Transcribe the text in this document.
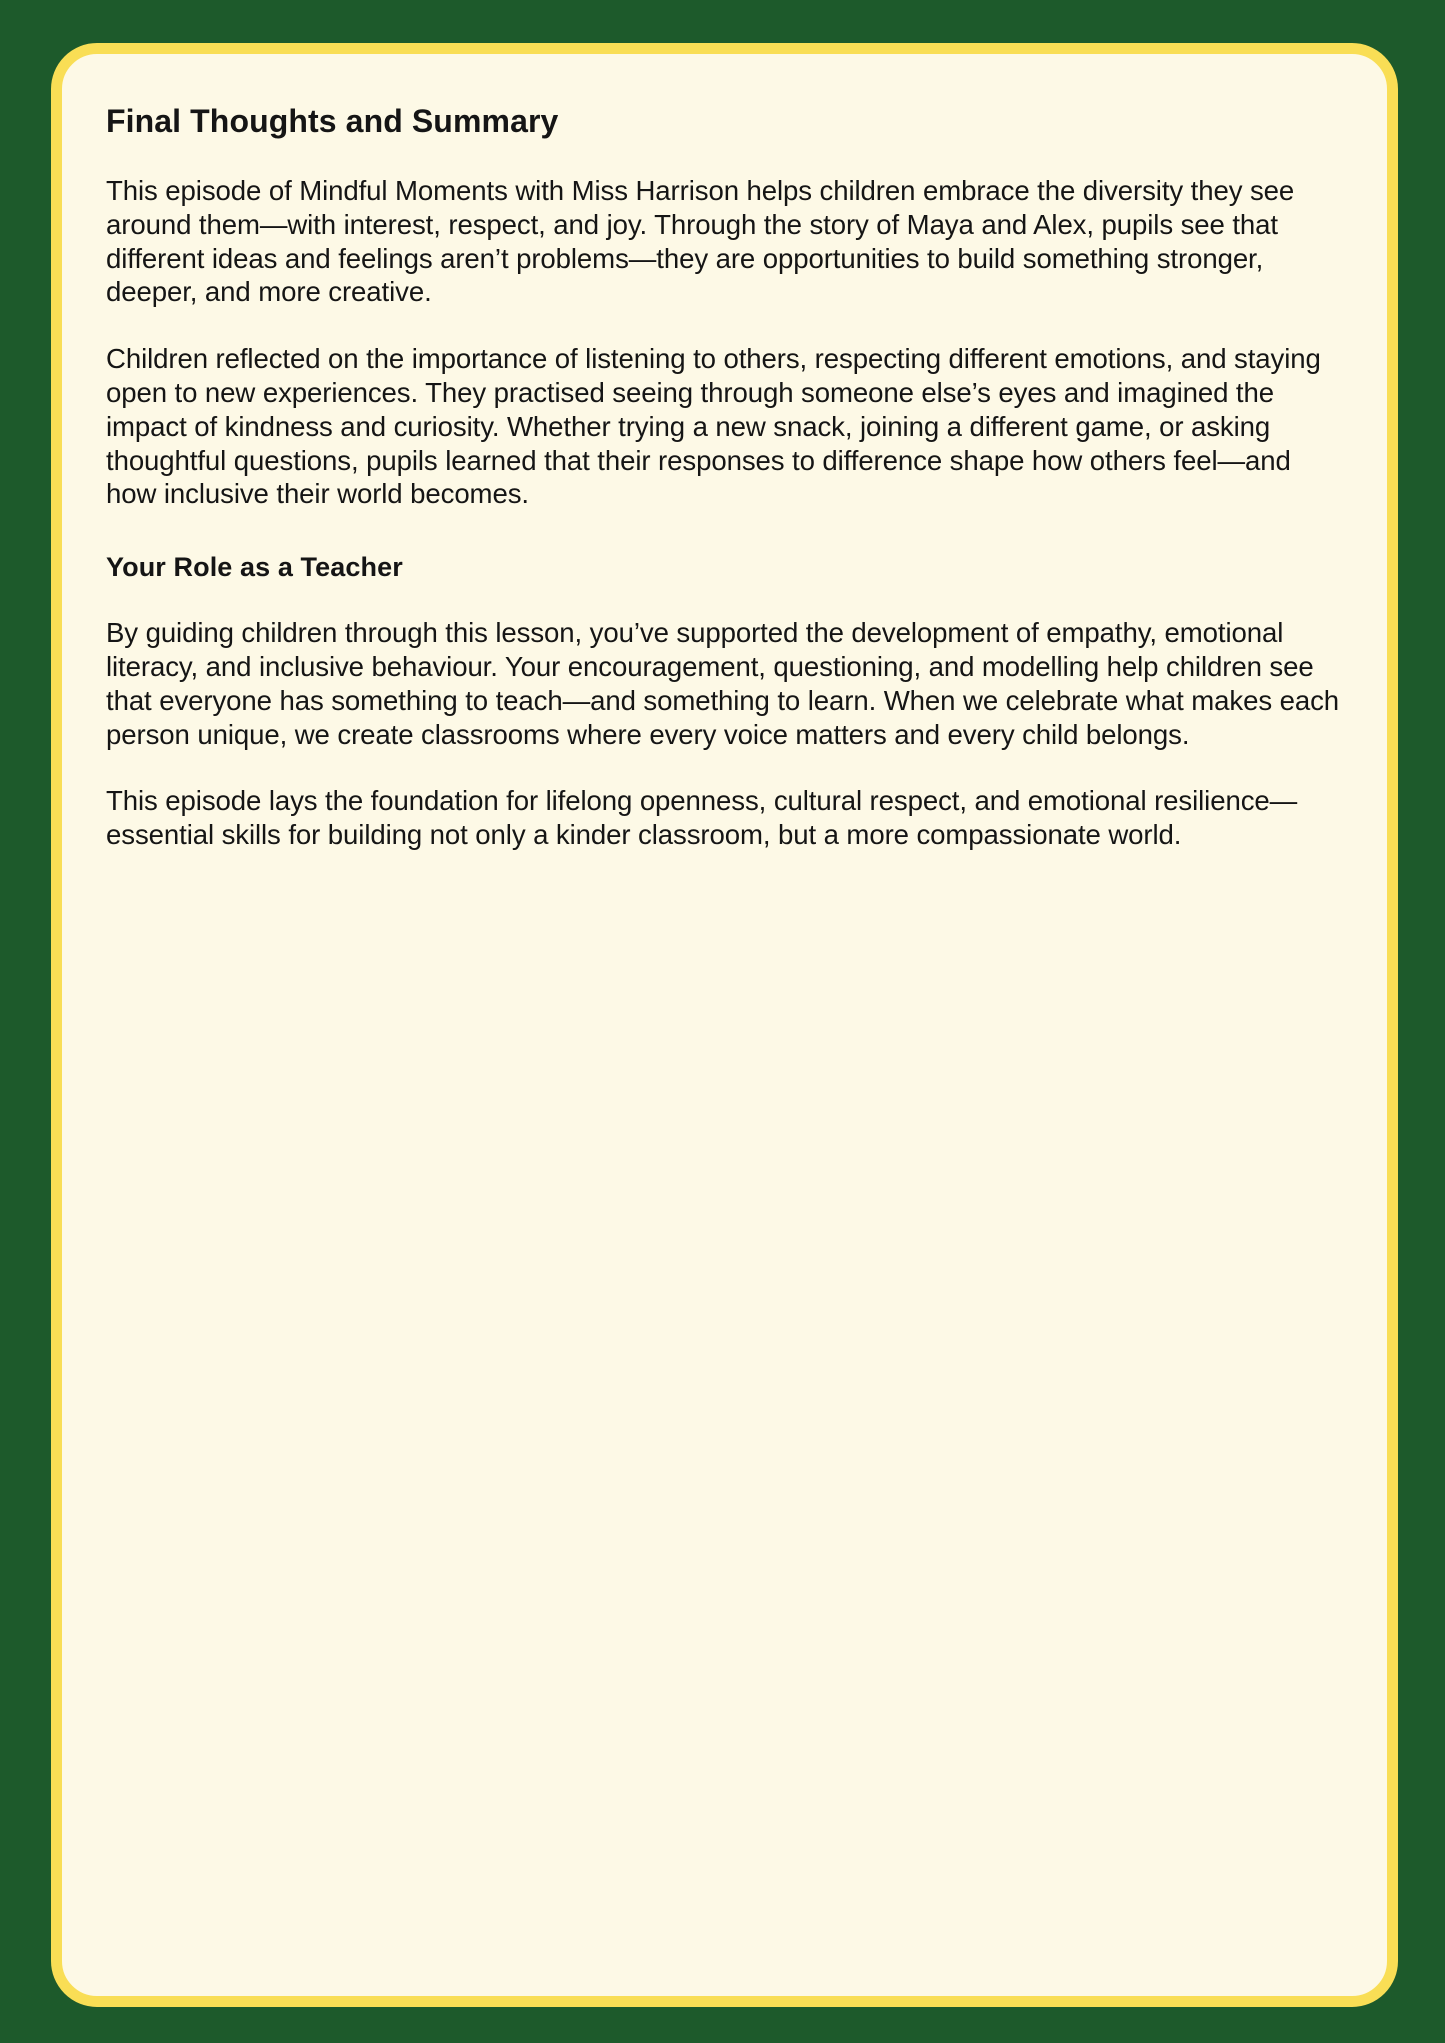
Final Thoughts and Summary

This episode of Mindful Moments with Miss Harrison helps children embrace the diversity they see around them—with interest, respect, and joy. Through the story of Maya and Alex, pupils see that different ideas and feelings aren’t problems—they are opportunities to build something stronger, deeper, and more creative.

Children reflected on the importance of listening to others, respecting different emotions, and staying open to new experiences. They practised seeing through someone else’s eyes and imagined the impact of kindness and curiosity. Whether trying a new snack, joining a different game, or asking thoughtful questions, pupils learned that their responses to difference shape how others feel—and how inclusive their world becomes.

Your Role as a Teacher

By guiding children through this lesson, you’ve supported the development of empathy, emotional literacy, and inclusive behaviour. Your encouragement, questioning, and modelling help children see that everyone has something to teach—and something to learn. When we celebrate what makes each person unique, we create classrooms where every voice matters and every child belongs.

This episode lays the foundation for lifelong openness, cultural respect, and emotional resilience—essential skills for building not only a kinder classroom, but a more compassionate world.
